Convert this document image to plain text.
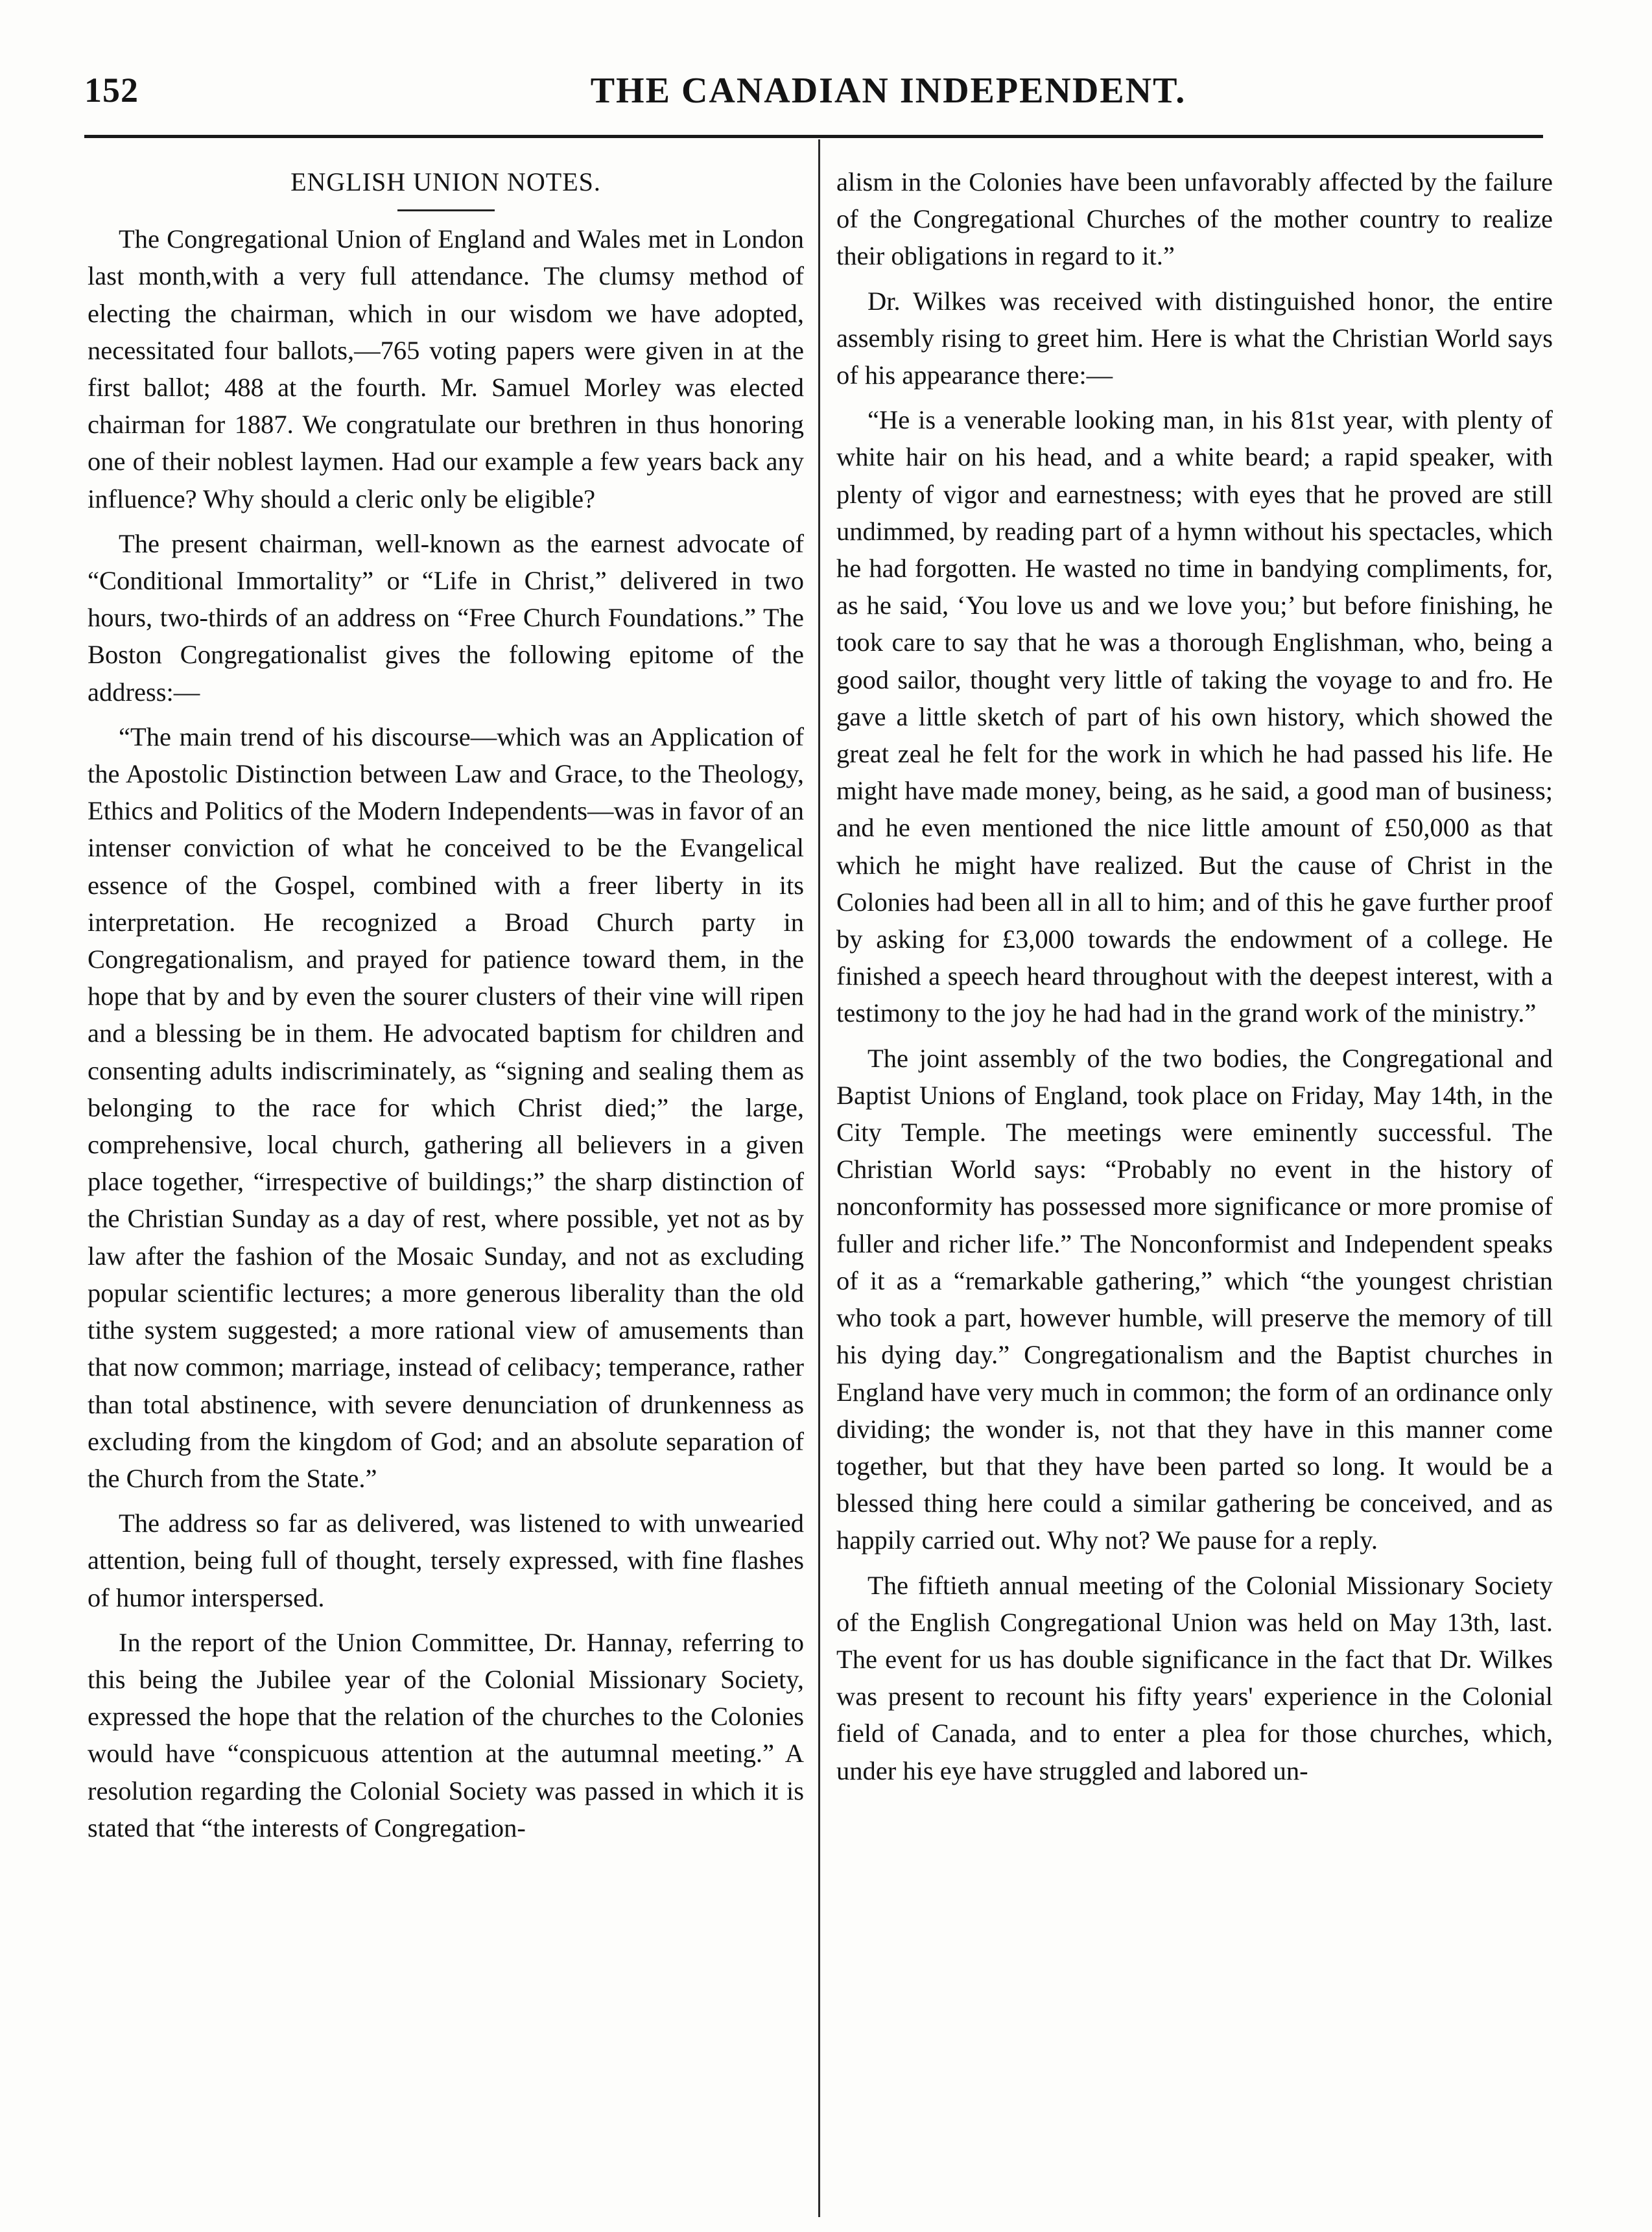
152	THE CANADIAN INDEPENDENT.
ENGLISH UNION NOTES.

The Congregational Union of England and Wales met in London last month,with a very full attendance. The clumsy method of electing the chairman, which in our wisdom we have adopted, necessitated four ballots,—765 voting papers were given in at the first ballot; 488 at the fourth. Mr. Samuel Morley was elected chairman for 1887. We congratulate our brethren in thus honoring one of their noblest laymen. Had our example a few years back any influence? Why should a cleric only be eligible?

The present chairman, well-known as the earnest advocate of “Conditional Immortality” or “Life in Christ,” delivered in two hours, two-thirds of an address on “Free Church Foundations.” The Boston Congregationalist gives the following epitome of the address:—

“The main trend of his discourse—which was an Application of the Apostolic Distinction between Law and Grace, to the Theology, Ethics and Politics of the Modern Independents—was in favor of an intenser conviction of what he conceived to be the Evangelical essence of the Gospel, combined with a freer liberty in its interpretation. He recognized a Broad Church party in Congregationalism, and prayed for patience toward them, in the hope that by and by even the sourer clusters of their vine will ripen and a blessing be in them. He advocated baptism for children and consenting adults indiscriminately, as “signing and sealing them as belonging to the race for which Christ died;” the large, comprehensive, local church, gathering all believers in a given place together, “irrespective of buildings;” the sharp distinction of the Christian Sunday as a day of rest, where possible, yet not as by law after the fashion of the Mosaic Sunday, and not as excluding popular scientific lectures; a more generous liberality than the old tithe system suggested; a more rational view of amusements than that now common; marriage, instead of celibacy; temperance, rather than total abstinence, with severe denunciation of drunkenness as excluding from the kingdom of God; and an absolute separation of the Church from the State.”

The address so far as delivered, was listened to with unwearied attention, being full of thought, tersely expressed, with fine flashes of humor interspersed.

In the report of the Union Committee, Dr. Hannay, referring to this being the Jubilee year of the Colonial Missionary Society, expressed the hope that the relation of the churches to the Colonies would have “conspicuous attention at the autumnal meeting.” A resolution regarding the Colonial Society was passed in which it is stated that “the interests of Congregation-

alism in the Colonies have been unfavorably affected by the failure of the Congregational Churches of the mother country to realize their obligations in regard to it.”

Dr. Wilkes was received with distinguished honor, the entire assembly rising to greet him. Here is what the Christian World says of his appearance there:—

“He is a venerable looking man, in his 81st year, with plenty of white hair on his head, and a white beard; a rapid speaker, with plenty of vigor and earnestness; with eyes that he proved are still undimmed, by reading part of a hymn without his spectacles, which he had forgotten. He wasted no time in bandying compliments, for, as he said, ‘You love us and we love you;’ but before finishing, he took care to say that he was a thorough Englishman, who, being a good sailor, thought very little of taking the voyage to and fro. He gave a little sketch of part of his own history, which showed the great zeal he felt for the work in which he had passed his life. He might have made money, being, as he said, a good man of business; and he even mentioned the nice little amount of £50,000 as that which he might have realized. But the cause of Christ in the Colonies had been all in all to him; and of this he gave further proof by asking for £3,000 towards the endowment of a college. He finished a speech heard throughout with the deepest interest, with a testimony to the joy he had had in the grand work of the ministry.”

The joint assembly of the two bodies, the Congregational and Baptist Unions of England, took place on Friday, May 14th, in the City Temple. The meetings were eminently successful. The Christian World says: “Probably no event in the history of nonconformity has possessed more significance or more promise of fuller and richer life.” The Nonconformist and Independent speaks of it as a “remarkable gathering,” which “the youngest christian who took a part, however humble, will preserve the memory of till his dying day.” Congregationalism and the Baptist churches in England have very much in common; the form of an ordinance only dividing; the wonder is, not that they have in this manner come together, but that they have been parted so long. It would be a blessed thing here could a similar gathering be conceived, and as happily carried out. Why not? We pause for a reply.

The fiftieth annual meeting of the Colonial Missionary Society of the English Congregational Union was held on May 13th, last. The event for us has double significance in the fact that Dr. Wilkes was present to recount his fifty years' experience in the Colonial field of Canada, and to enter a plea for those churches, which, under his eye have struggled and labored un-
